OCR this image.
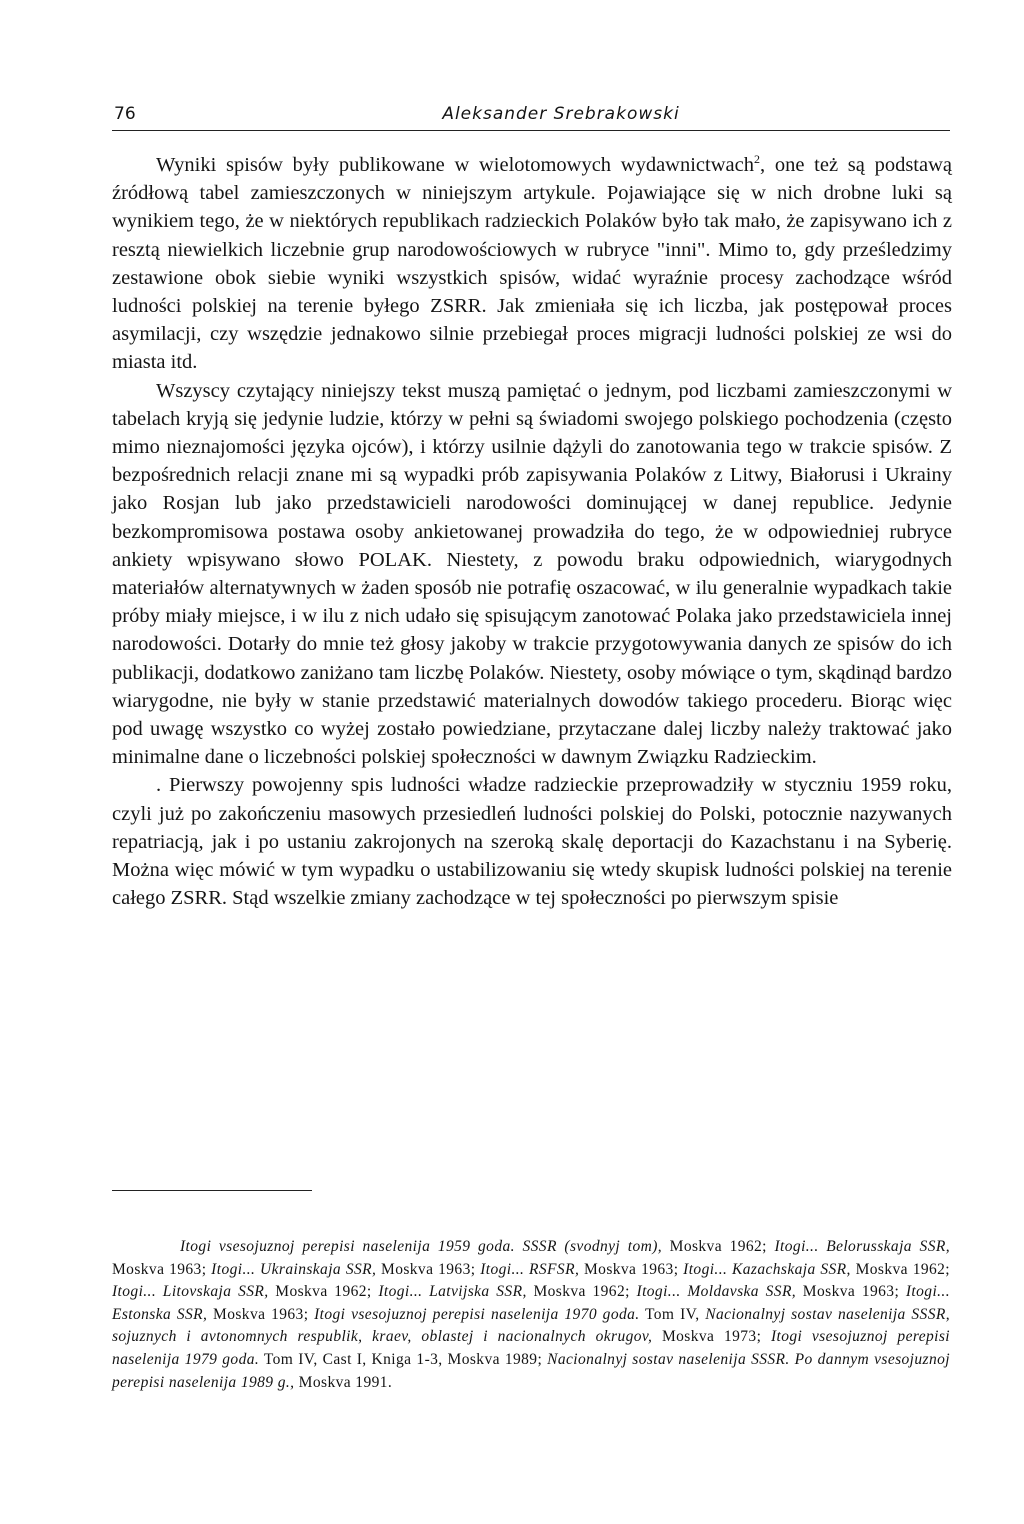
76	Aleksander Srebrakowski

Wyniki spisów były publikowane w wielotomowych wydawnictwach$^2$, one też są podstawą źródłową tabel zamieszczonych w niniejszym artykule. Pojawiające się w nich drobne luki są wynikiem tego, że w niektórych republikach radzieckich Polaków było tak mało, że zapisywano ich z resztą niewielkich liczebnie grup narodowościowych w rubryce "inni". Mimo to, gdy prześledzimy zestawione obok siebie wyniki wszystkich spisów, widać wyraźnie procesy zachodzące wśród ludności polskiej na terenie byłego ZSRR. Jak zmieniała się ich liczba, jak postępował proces asymilacji, czy wszędzie jednakowo silnie przebiegał proces migracji ludności polskiej ze wsi do miasta itd.

Wszyscy czytający niniejszy tekst muszą pamiętać o jednym, pod liczbami zamieszczonymi w tabelach kryją się jedynie ludzie, którzy w pełni są świadomi swojego polskiego pochodzenia (często mimo nieznajomości języka ojców), i którzy usilnie dążyli do zanotowania tego w trakcie spisów. Z bezpośrednich relacji znane mi są wypadki prób zapisywania Polaków z Litwy, Białorusi i Ukrainy jako Rosjan lub jako przedstawicieli narodowości dominującej w danej republice. Jedynie bezkompromisowa postawa osoby ankietowanej prowadziła do tego, że w odpowiedniej rubryce ankiety wpisywano słowo POLAK. Niestety, z powodu braku odpowiednich, wiarygodnych materiałów alternatywnych w żaden sposób nie potrafię oszacować, w ilu generalnie wypadkach takie próby miały miejsce, i w ilu z nich udało się spisującym zanotować Polaka jako przedstawiciela innej narodowości. Dotarły do mnie też głosy jakoby w trakcie przygotowywania danych ze spisów do ich publikacji, dodatkowo zaniżano tam liczbę Polaków. Niestety, osoby mówiące o tym, skądinąd bardzo wiarygodne, nie były w stanie przedstawić materialnych dowodów takiego procederu. Biorąc więc pod uwagę wszystko co wyżej zostało powiedziane, przytaczane dalej liczby należy traktować jako minimalne dane o liczebności polskiej społeczności w dawnym Związku Radzieckim.

. Pierwszy powojenny spis ludności władze radzieckie przeprowadziły w styczniu 1959 roku, czyli już po zakończeniu masowych przesiedleń ludności polskiej do Polski, potocznie nazywanych repatriacją, jak i po ustaniu zakrojonych na szeroką skalę deportacji do Kazachstanu i na Syberię. Można więc mówić w tym wypadku o ustabilizowaniu się wtedy skupisk ludności polskiej na terenie całego ZSRR. Stąd wszelkie zmiany zachodzące w tej społeczności po pierwszym spisie

Itogi vsesojuznoj perepisi naselenija 1959 goda. SSSR (svodnyj tom), Moskva 1962; Itogi... Belorusskaja SSR, Moskva 1963; Itogi... Ukrainskaja SSR, Moskva 1963; Itogi... RSFSR, Moskva 1963; Itogi... Kazachskaja SSR, Moskva 1962; Itogi... Litovskaja SSR, Moskva 1962; Itogi... Latvijska SSR, Moskva 1962; Itogi... Moldavska SSR, Moskva 1963; Itogi... Estonska SSR, Moskva 1963; Itogi vsesojuznoj perepisi naselenija 1970 goda. Tom IV, Nacionalnyj sostav naselenija SSSR, sojuznych i avtonomnych respublik, kraev, oblastej i nacionalnych okrugov, Moskva 1973; Itogi vsesojuznoj perepisi naselenija 1979 goda. Tom IV, Cast I, Kniga 1-3, Moskva 1989; Nacionalnyj sostav naselenija SSSR. Po dannym vsesojuznoj perepisi naselenija 1989 g., Moskva 1991.
